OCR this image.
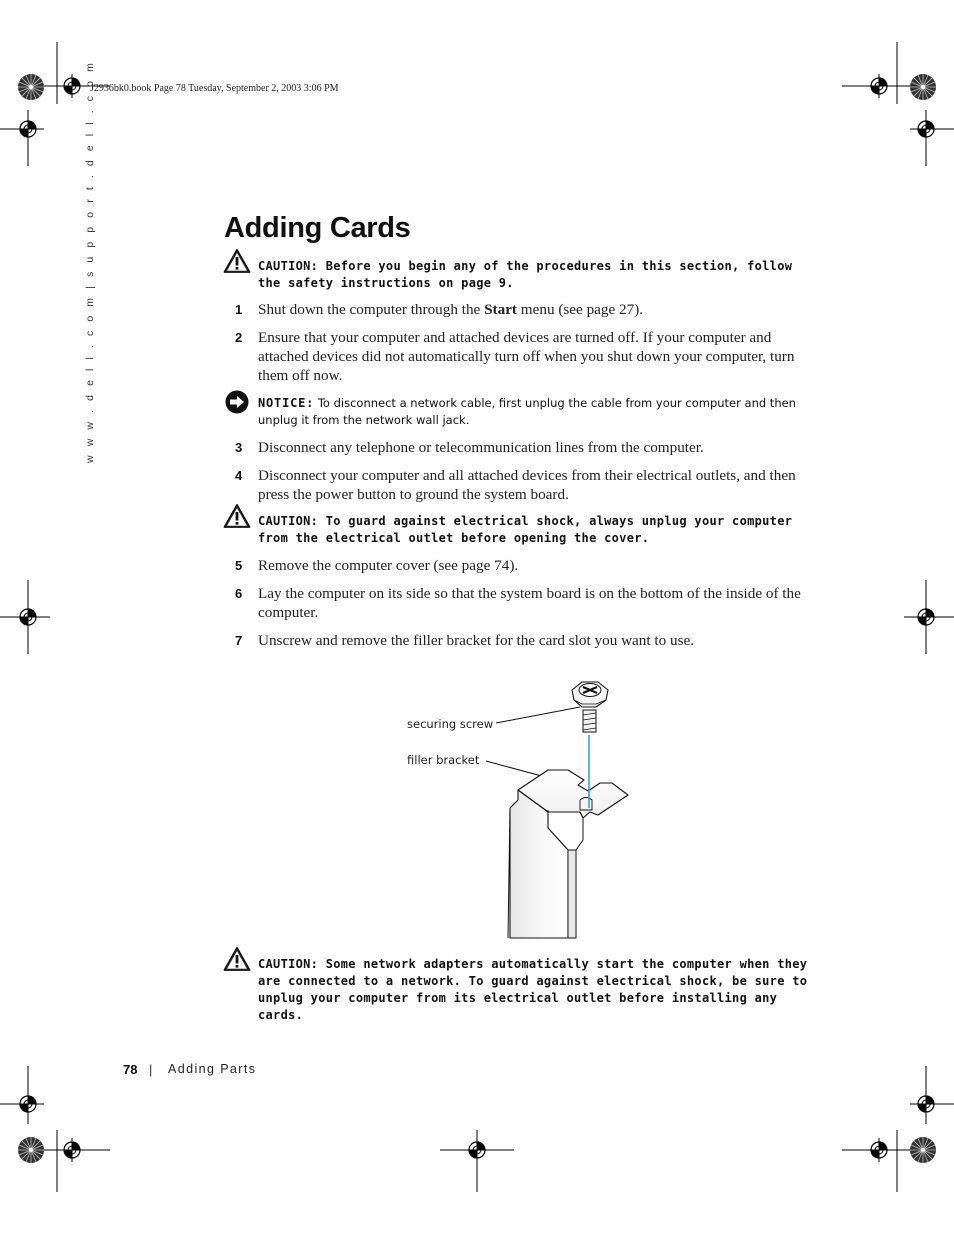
J2936bk0.book Page 78 Tuesday, September 2, 2003 3:06 PM
w w w . d e l l . c o m | s u p p o r t . d e l l . c o m	Adding Cards
CAUTION: Before you begin any of the procedures in this section, follow the safety instructions on page 9.
1 Shut down the computer through the Start menu (see page 27).
2 Ensure that your computer and attached devices are turned off. If your computer and attached devices did not automatically turn off when you shut down your computer, turn them off now.
NOTICE: To disconnect a network cable, first unplug the cable from your computer and then unplug it from the network wall jack.
3 Disconnect any telephone or telecommunication lines from the computer.
4 Disconnect your computer and all attached devices from their electrical outlets, and then press the power button to ground the system board.
CAUTION: To guard against electrical shock, always unplug your computer from the electrical outlet before opening the cover.
5 Remove the computer cover (see page 74).
6 Lay the computer on its side so that the system board is on the bottom of the inside of the computer.
7 Unscrew and remove the filler bracket for the card slot you want to use.
securing screw
filler bracket
CAUTION: Some network adapters automatically start the computer when they are connected to a network. To guard against electrical shock, be sure to unplug your computer from its electrical outlet before installing any cards.
78 | Adding Parts
